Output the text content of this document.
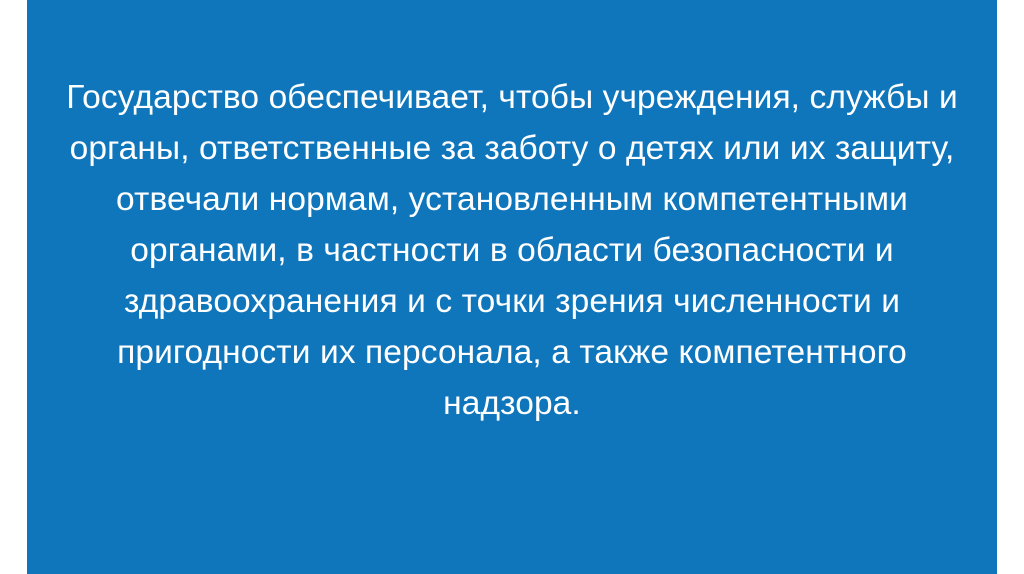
Государство обеспечивает, чтобы учреждения, службы и органы, ответственные за заботу о детях или их защиту, отвечали нормам, установленным компетентными органами, в частности в области безопасности и здравоохранения и с точки зрения численности и пригодности их персонала, а также компетентного надзора.
